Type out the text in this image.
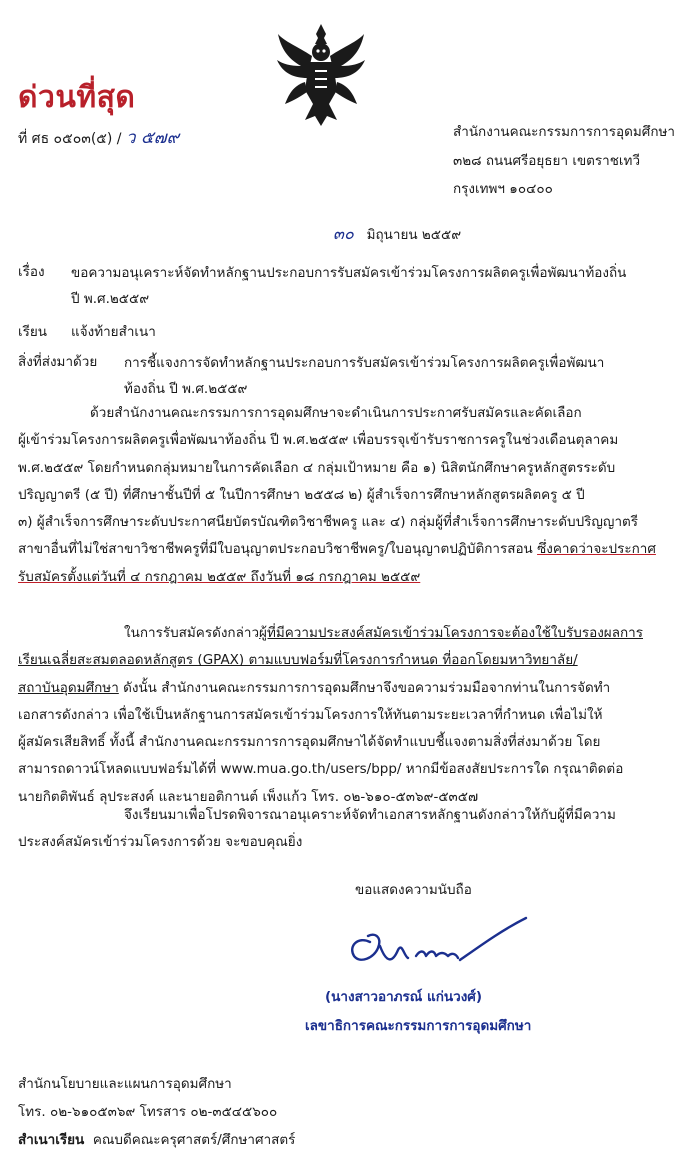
ด่วนที่สุด
ที่ ศธ ๐๕๐๓(๕) / ว ๕๗๙	สำนักงานคณะกรรมการการอุดมศึกษา
๓๒๘ ถนนศรีอยุธยา เขตราชเทวี
กรุงเทพฯ ๑๐๔๐๐
๓๐ มิถุนายน ๒๕๕๙
เรื่อง ขอความอนุเคราะห์จัดทำหลักฐานประกอบการรับสมัครเข้าร่วมโครงการผลิตครูเพื่อพัฒนาท้องถิ่น
ปี พ.ศ.๒๕๕๙
เรียน แจ้งท้ายสำเนา
สิ่งที่ส่งมาด้วย การชี้แจงการจัดทำหลักฐานประกอบการรับสมัครเข้าร่วมโครงการผลิตครูเพื่อพัฒนา
ท้องถิ่น ปี พ.ศ.๒๕๕๙

ด้วยสำนักงานคณะกรรมการการอุดมศึกษาจะดำเนินการประกาศรับสมัครและคัดเลือก

ผู้เข้าร่วมโครงการผลิตครูเพื่อพัฒนาท้องถิ่น ปี พ.ศ.๒๕๕๙ เพื่อบรรจุเข้ารับราชการครูในช่วงเดือนตุลาคม

พ.ศ.๒๕๕๙ โดยกำหนดกลุ่มหมายในการคัดเลือก ๔ กลุ่มเป้าหมาย คือ ๑) นิสิตนักศึกษาครูหลักสูตรระดับ

ปริญญาตรี (๕ ปี) ที่ศึกษาชั้นปีที่ ๕ ในปีการศึกษา ๒๕๕๘ ๒) ผู้สำเร็จการศึกษาหลักสูตรผลิตครู ๕ ปี

๓) ผู้สำเร็จการศึกษาระดับประกาศนียบัตรบัณฑิตวิชาชีพครู และ ๔) กลุ่มผู้ที่สำเร็จการศึกษาระดับปริญญาตรี

สาขาอื่นที่ไม่ใช่สาขาวิชาชีพครูที่มีใบอนุญาตประกอบวิชาชีพครู/ใบอนุญาตปฏิบัติการสอน ซึ่งคาดว่าจะประกาศ

รับสมัครตั้งแต่วันที่ ๔ กรกฎาคม ๒๕๕๙ ถึงวันที่ ๑๘ กรกฎาคม ๒๕๕๙

ในการรับสมัครดังกล่าวผู้ที่มีความประสงค์สมัครเข้าร่วมโครงการจะต้องใช้ใบรับรองผลการ

เรียนเฉลี่ยสะสมตลอดหลักสูตร (GPAX) ตามแบบฟอร์มที่โครงการกำหนด ที่ออกโดยมหาวิทยาลัย/

สถาบันอุดมศึกษา ดังนั้น สำนักงานคณะกรรมการการอุดมศึกษาจึงขอความร่วมมือจากท่านในการจัดทำ

เอกสารดังกล่าว เพื่อใช้เป็นหลักฐานการสมัครเข้าร่วมโครงการให้ทันตามระยะเวลาที่กำหนด เพื่อไม่ให้

ผู้สมัครเสียสิทธิ์ ทั้งนี้ สำนักงานคณะกรรมการการอุดมศึกษาได้จัดทำแบบชี้แจงตามสิ่งที่ส่งมาด้วย โดย

สามารถดาวน์โหลดแบบฟอร์มได้ที่ www.mua.go.th/users/bpp/ หากมีข้อสงสัยประการใด กรุณาติดต่อ

นายกิตติพันธ์ ลุประสงค์ และนายอติกานต์ เพ็งแก้ว โทร. ๐๒-๖๑๐-๕๓๖๙-๕๓๕๗

จึงเรียนมาเพื่อโปรดพิจารณาอนุเคราะห์จัดทำเอกสารหลักฐานดังกล่าวให้กับผู้ที่มีความ

ประสงค์สมัครเข้าร่วมโครงการด้วย จะขอบคุณยิ่ง

ขอแสดงความนับถือ
(นางสาวอาภรณ์ แก่นวงศ์)
เลขาธิการคณะกรรมการการอุดมศึกษา
สำนักนโยบายและแผนการอุดมศึกษา
โทร. ๐๒-๖๑๐๕๓๖๙ โทรสาร ๐๒-๓๕๔๕๖๐๐
สำเนาเรียน คณบดีคณะครุศาสตร์/ศึกษาศาสตร์
